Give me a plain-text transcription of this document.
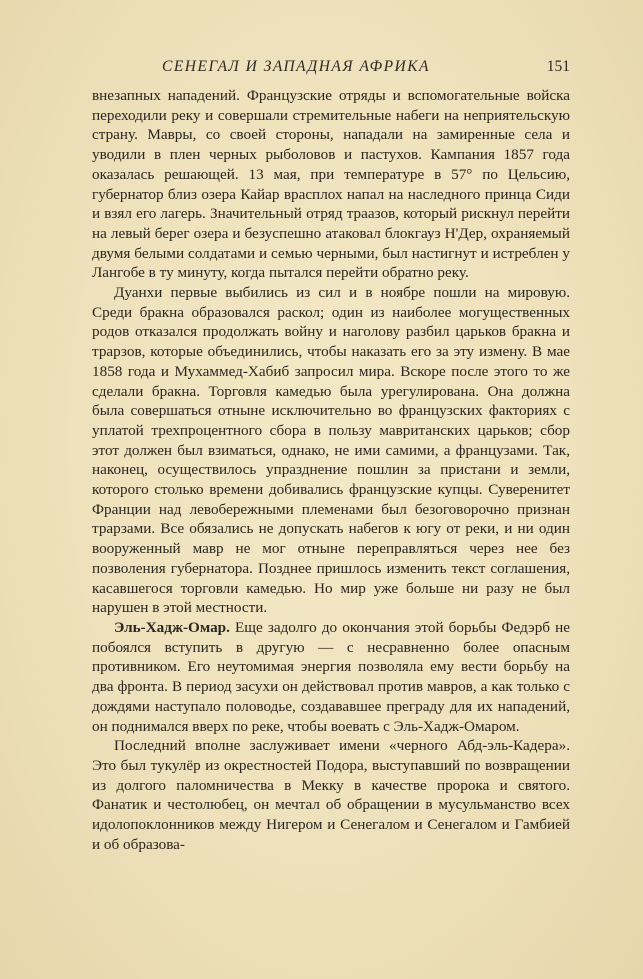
СЕНЕГАЛ И ЗАПАДНАЯ АФРИКА	151

внезапных нападений. Французские отряды и вспомогательные войска переходили реку и совершали стремительные набеги на неприятельскую страну. Мавры, со своей стороны, нападали на замиренные села и уводили в плен черных рыболовов и пастухов. Кампания 1857 года оказалась решающей. 13 мая, при температуре в 57° по Цельсию, губернатор близ озера Кайар врасплох напал на наследного принца Сиди и взял его лагерь. Значительный отряд траазов, который рискнул перейти на левый берег озера и безуспешно атаковал блокгауз Н'Дер, охраняемый двумя белыми солдатами и семью черными, был настигнут и истреблен у Лангобе в ту минуту, когда пытался перейти обратно реку.

Дуанхи первые выбились из сил и в ноябре пошли на мировую. Среди бракна образовался раскол; один из наиболее могущественных родов отказался продолжать войну и наголову разбил царьков бракна и трарзов, которые объединились, чтобы наказать его за эту измену. В мае 1858 года и Мухаммед-Хабиб запросил мира. Вскоре после этого то же сделали бракна. Торговля камедью была урегулирована. Она должна была совершаться отныне исключительно во французских факториях с уплатой трехпроцентного сбора в пользу мавританских царьков; сбор этот должен был взиматься, однако, не ими самими, а французами. Так, наконец, осуществилось упразднение пошлин за пристани и земли, которого столько времени добивались французские купцы. Суверенитет Франции над левобережными племенами был безоговорочно признан трарзами. Все обязались не допускать набегов к югу от реки, и ни один вооруженный мавр не мог отныне переправляться через нее без позволения губернатора. Позднее пришлось изменить текст соглашения, касавшегося торговли камедью. Но мир уже больше ни разу не был нарушен в этой местности.

Эль-Хадж-Омар. Еще задолго до окончания этой борьбы Федэрб не побоялся вступить в другую — с несравненно более опасным противником. Его неутомимая энергия позволяла ему вести борьбу на два фронта. В период засухи он действовал против мавров, а как только с дождями наступало половодье, создававшее преграду для их нападений, он поднимался вверх по реке, чтобы воевать с Эль-Хадж-Омаром.

Последний вполне заслуживает имени «черного Абд-эль-Кадера». Это был тукулёр из окрестностей Подора, выступавший по возвращении из долгого паломничества в Мекку в качестве пророка и святого. Фанатик и честолюбец, он мечтал об обращении в мусульманство всех идолопоклонников между Нигером и Сенегалом и Сенегалом и Гамбией и об образова-
